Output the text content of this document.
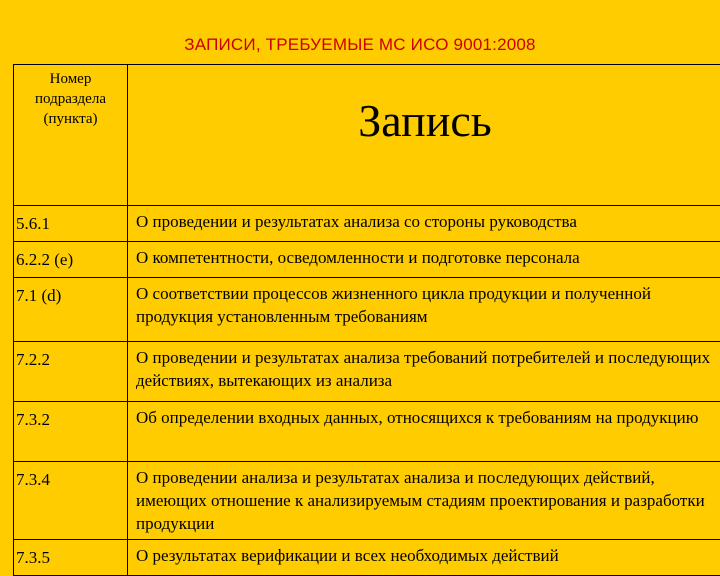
ЗАПИСИ, ТРЕБУЕМЫЕ МС ИСО 9001:2008
Номер
подраздела
(пункта)	Запись
5.6.1	О проведении и результатах анализа со стороны руководства
6.2.2 (е)	О компетентности, осведомленности и подготовке персонала
7.1 (d)	О соответствии процессов жизненного цикла продукции и полученной продукция установленным требованиям
7.2.2	О проведении и результатах анализа требований потребителей и последующих действиях, вытекающих из анализа
7.3.2	Об определении входных данных, относящихся к требованиям на продукцию
7.3.4	О проведении анализа и результатах анализа и последующих действий, имеющих отношение к анализируемым стадиям проектирования и разработки продукции
7.3.5	О результатах верификации и всех необходимых действий
